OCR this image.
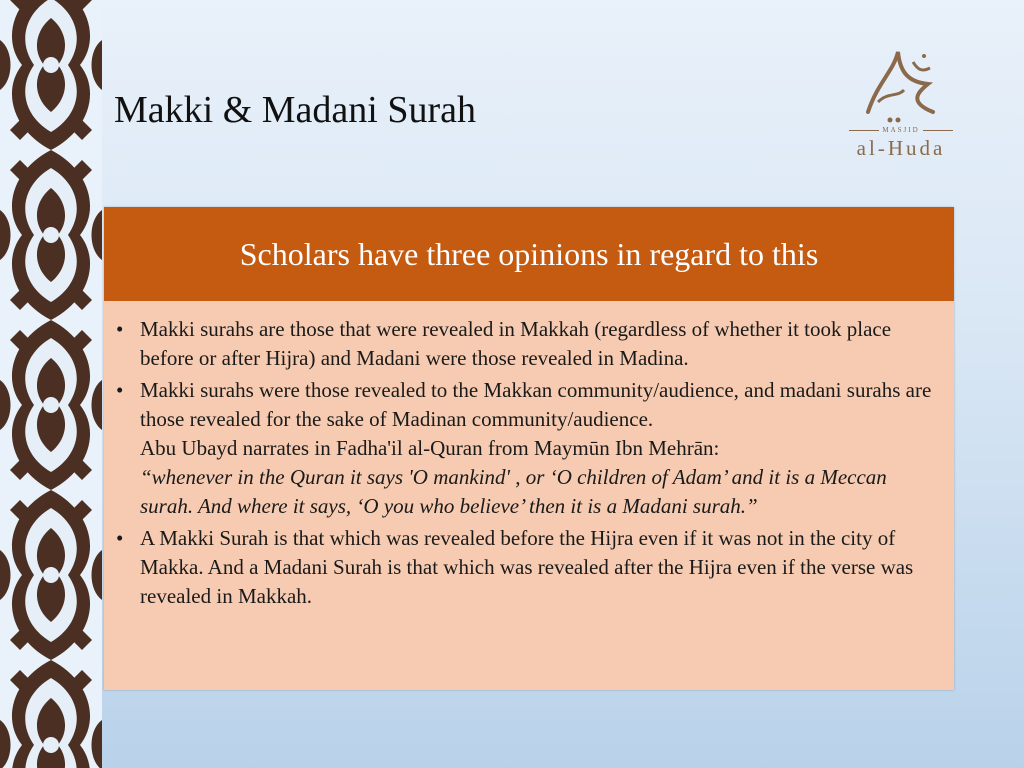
Makki & Madani Surah	MASJID
al-Huda
Scholars have three opinions in regard to this
• Makki surahs are those that were revealed in Makkah (regardless of whether it took place before or after Hijra) and Madani were those revealed in Madina.
• Makki surahs were those revealed to the Makkan community/audience, and madani surahs are those revealed for the sake of Madinan community/audience.
Abu Ubayd narrates in Fadha'il al-Quran from Maymūn Ibn Mehrān:
“whenever in the Quran it says 'O mankind' , or ‘O children of Adam’ and it is a Meccan surah. And where it says, ‘O you who believe’ then it is a Madani surah.”
• A Makki Surah is that which was revealed before the Hijra even if it was not in the city of Makka. And a Madani Surah is that which was revealed after the Hijra even if the verse was revealed in Makkah.
